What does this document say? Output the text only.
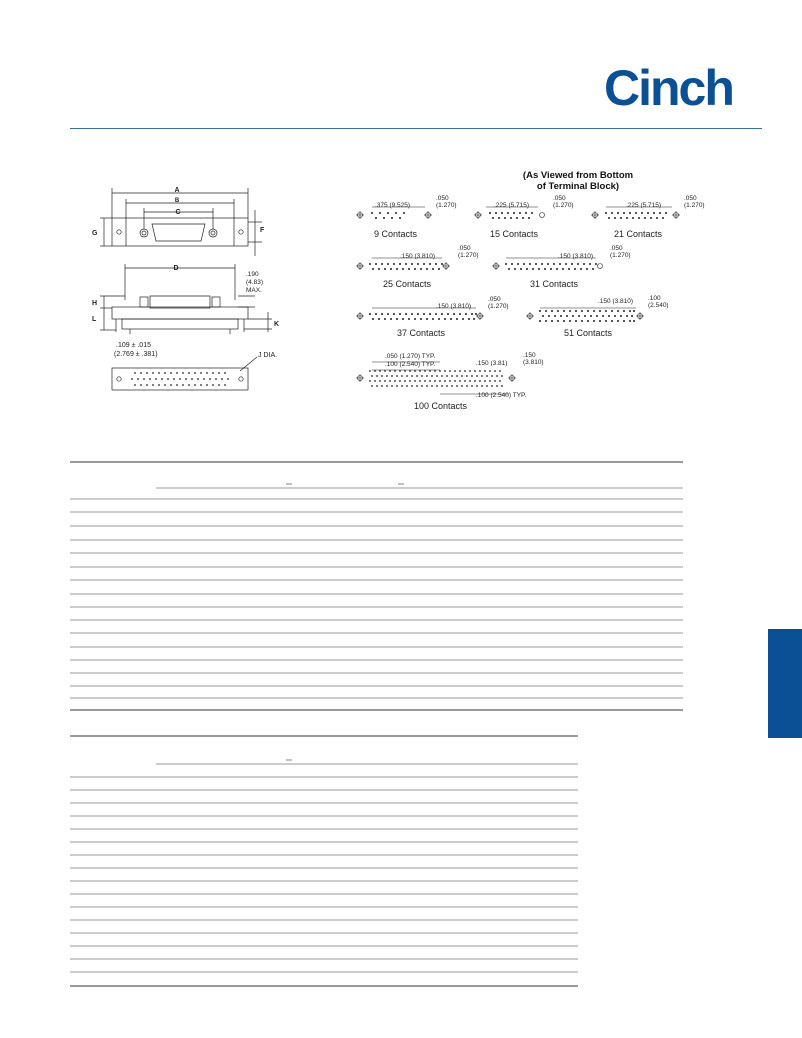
Cinch
A
B
C
G	F
D
H
L
K
.190
(4.83)
MAX.
.109 ± .015
(2.769 ± .381)	J DIA.
(As Viewed from Bottom
of Terminal Block)
9 Contacts	15 Contacts	21 Contacts
25 Contacts	31 Contacts
37 Contacts	51 Contacts
100 Contacts
.375 (9.525)
.050
(1.270)	.225 (5.715)
.050
(1.270)	.225 (5.715)
.050
(1.270)
.150 (3.810)
.050
(1.270)	.150 (3.810)
.050
(1.270)
.150 (3.810)
.050
(1.270)
.150 (3.810) .100
(2.540)
.050 (1.270) TYP.
.100 (2.540) TYP.	.150 (3.81)
.150
(3.810)
.100 (2.540) TYP.
